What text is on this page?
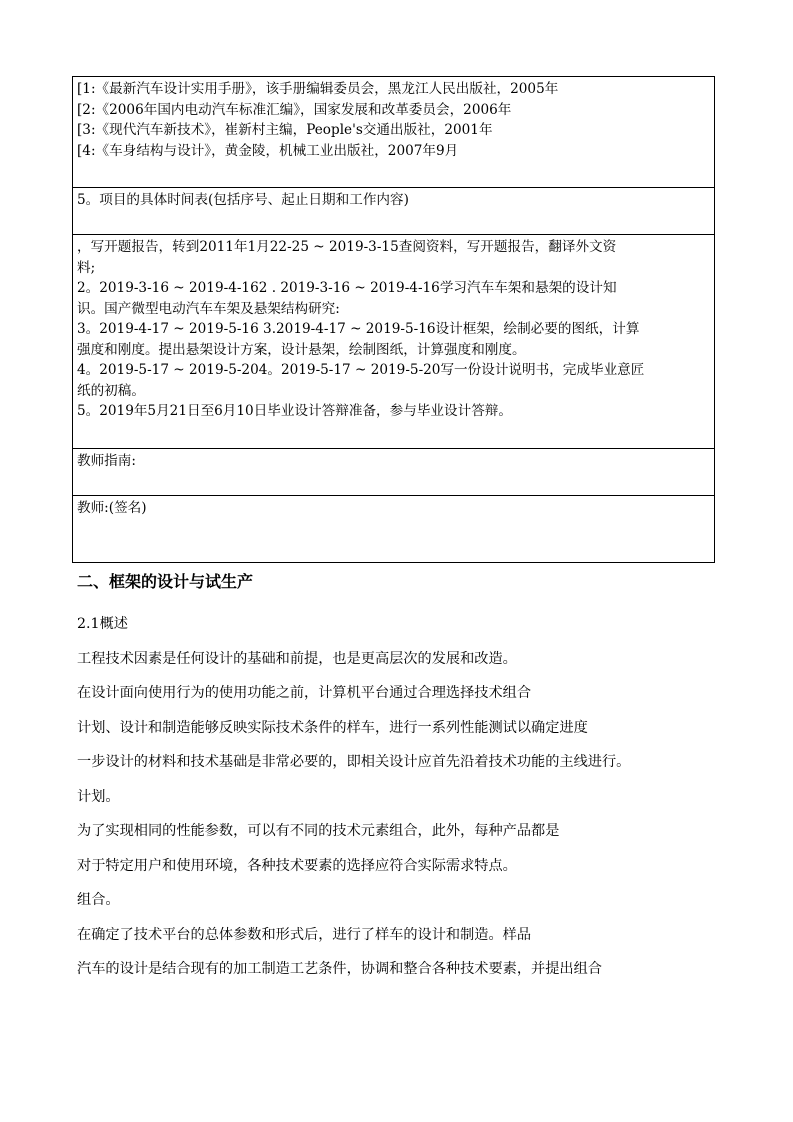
[1:《最新汽车设计实用手册》，该手册编辑委员会，黑龙江人民出版社，2005年
[2:《2006年国内电动汽车标准汇编》，国家发展和改革委员会，2006年
[3:《现代汽车新技术》，崔新村主编，People's交通出版社，2001年
[4:《车身结构与设计》，黄金陵，机械工业出版社，2007年9月

5。项目的具体时间表(包括序号、起止日期和工作内容)

，写开题报告，转到2011年1月22-25 ~ 2019-3-15查阅资料，写开题报告，翻译外文资
料;
2。2019-3-16 ~ 2019-4-162 . 2019-3-16 ~ 2019-4-16学习汽车车架和悬架的设计知
识。国产微型电动汽车车架及悬架结构研究:
3。2019-4-17 ~ 2019-5-16 3.2019-4-17 ~ 2019-5-16设计框架，绘制必要的图纸，计算
强度和刚度。提出悬架设计方案，设计悬架，绘制图纸，计算强度和刚度。
4。2019-5-17 ~ 2019-5-204。2019-5-17 ~ 2019-5-20写一份设计说明书，完成毕业意匠
纸的初稿。
5。2019年5月21日至6月10日毕业设计答辩准备，参与毕业设计答辩。

教师指南:

教师:(签名)
二、框架的设计与试生产

2.1概述

工程技术因素是任何设计的基础和前提，也是更高层次的发展和改造。

在设计面向使用行为的使用功能之前，计算机平台通过合理选择技术组合

计划、设计和制造能够反映实际技术条件的样车，进行一系列性能测试以确定进度

一步设计的材料和技术基础是非常必要的，即相关设计应首先沿着技术功能的主线进行。

计划。

为了实现相同的性能参数，可以有不同的技术元素组合，此外，每种产品都是

对于特定用户和使用环境，各种技术要素的选择应符合实际需求特点。

组合。

在确定了技术平台的总体参数和形式后，进行了样车的设计和制造。样品

汽车的设计是结合现有的加工制造工艺条件，协调和整合各种技术要素，并提出组合
